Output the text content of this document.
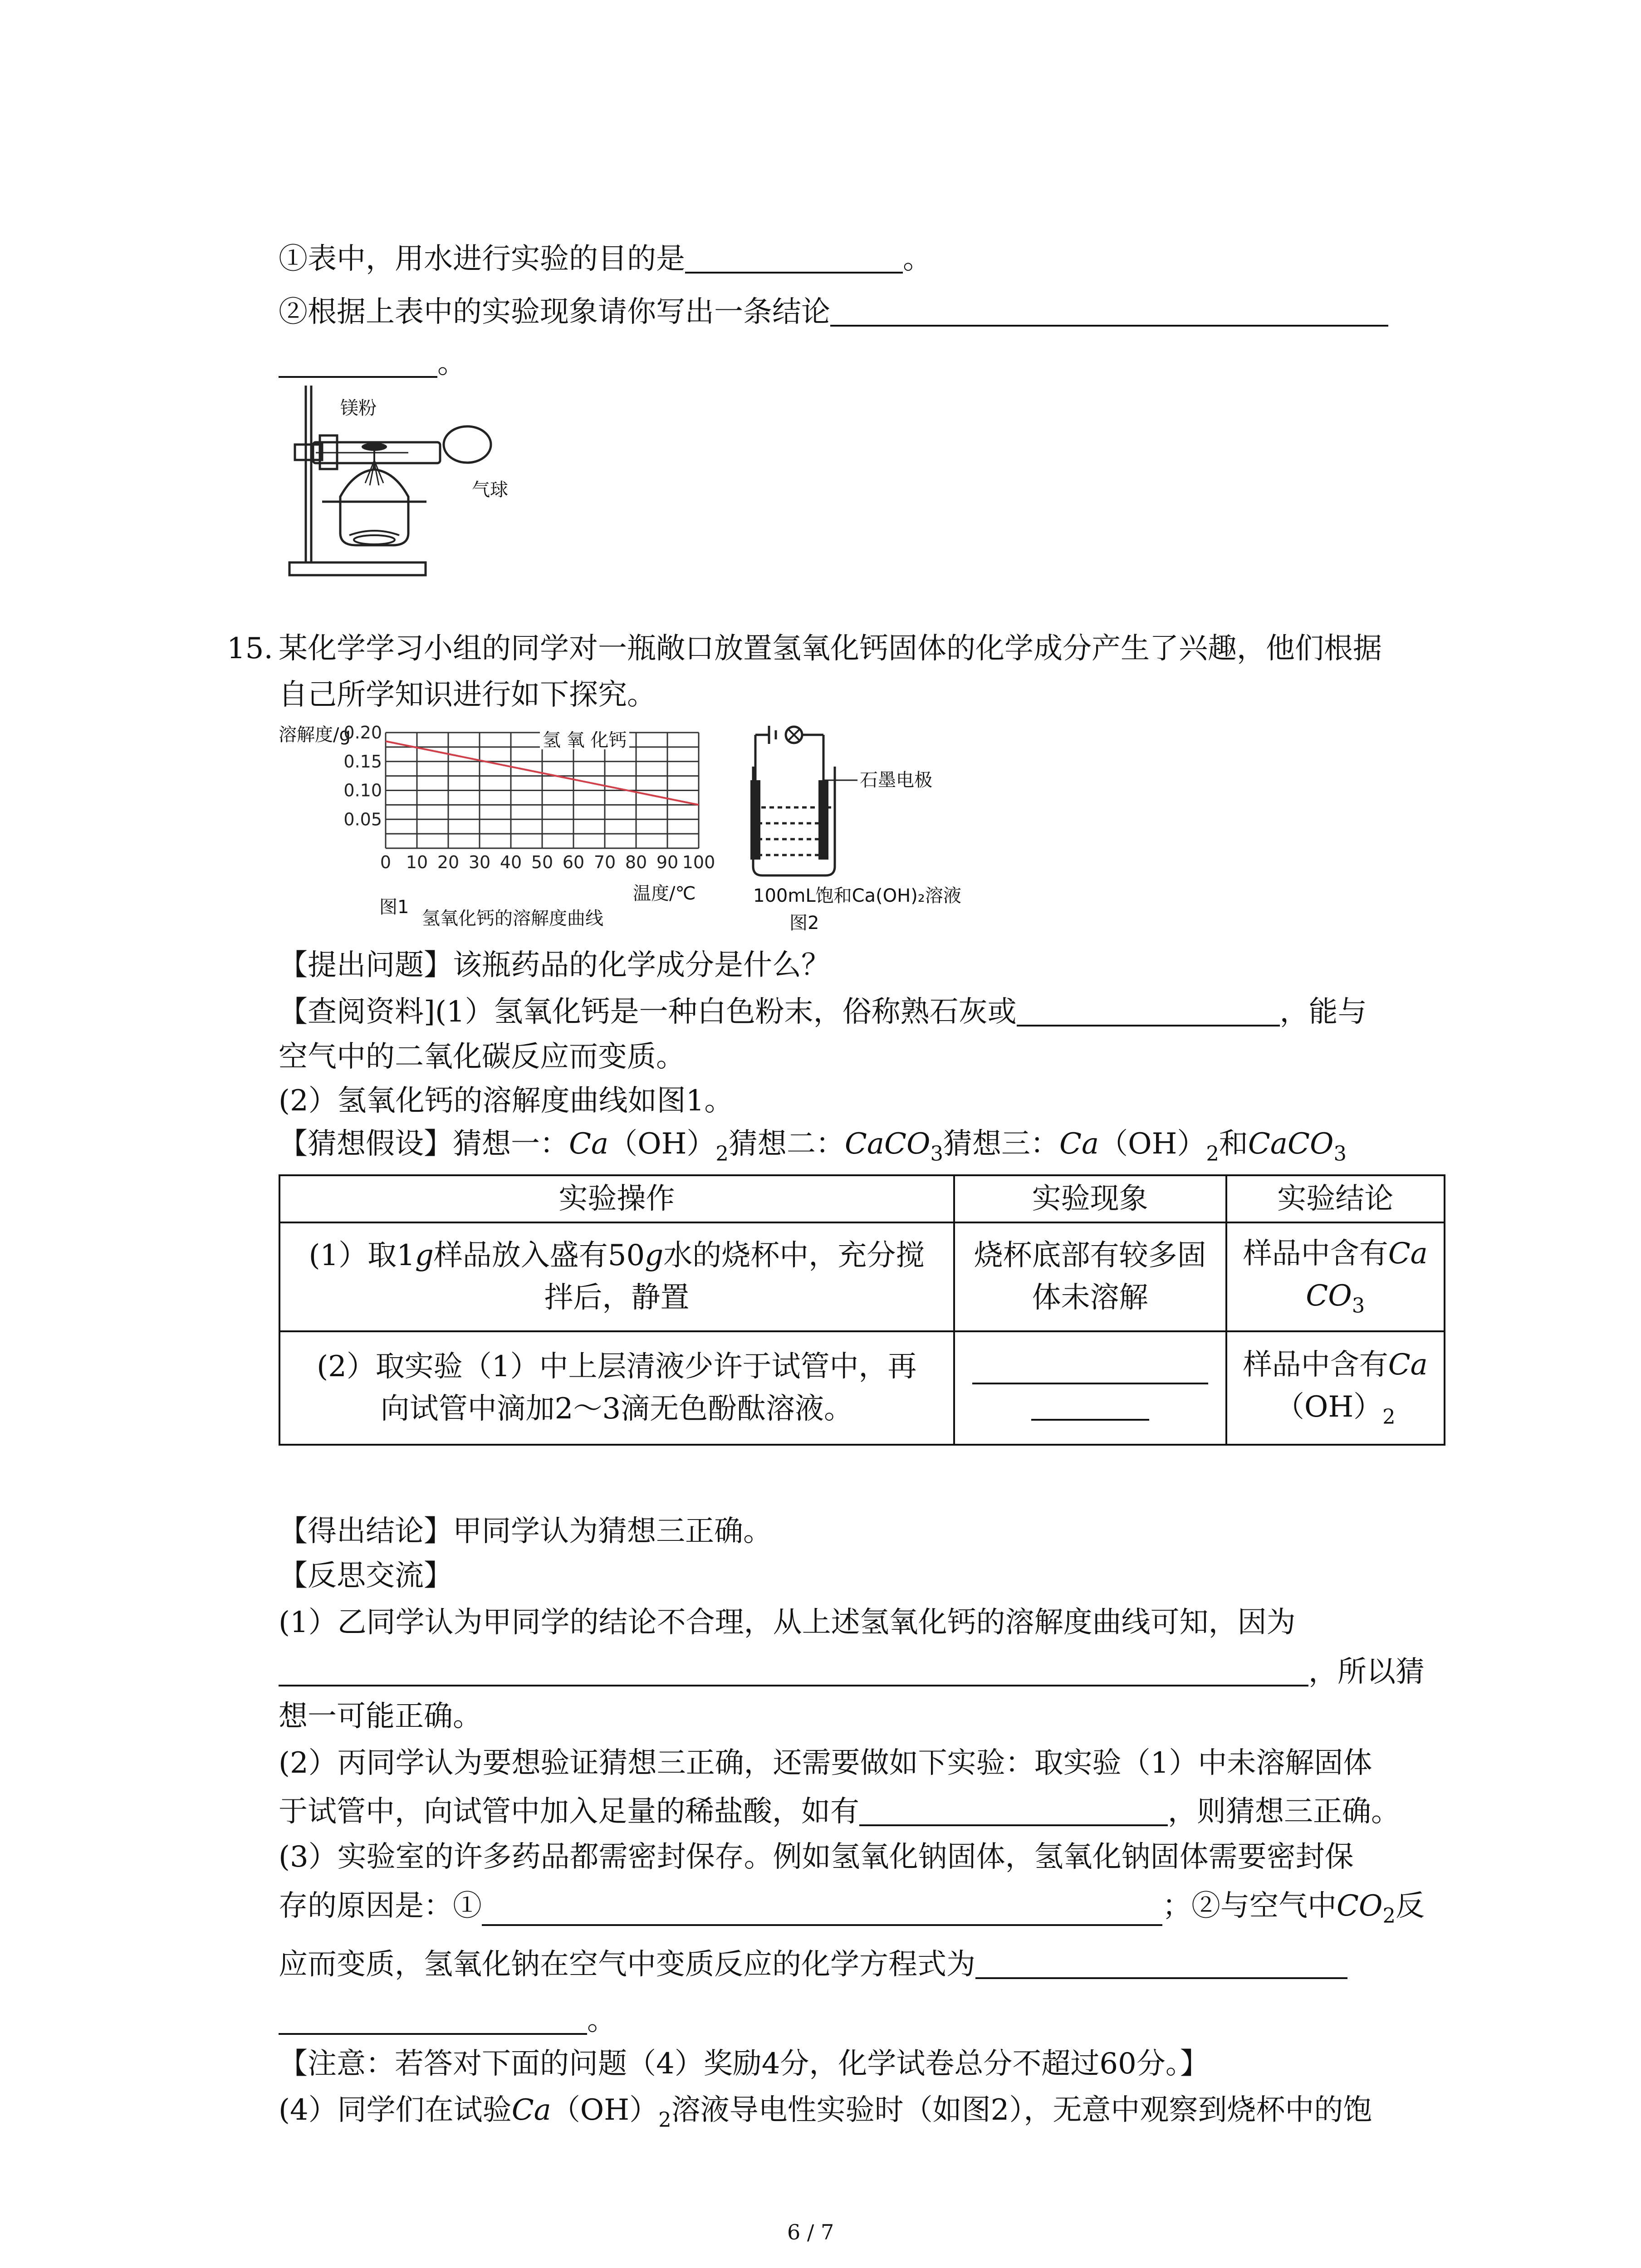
①表中，用水进行实验的目的是	。
②根据上表中的实验现象请你写出一条结论
。
镁粉
气球
15. 某化学学习小组的同学对一瓶敞口放置氢氧化钙固体的化学成分产生了兴趣，他们根据
自己所学知识进行如下探究。
溶解度/g
0.20
0.15
0.10
0.05
0 10 20 30 40 50 60 70 80 90 100
氢 氧 化钙
温度/℃
图1
氢氧化钙的溶解度曲线
石墨电极
100mL饱和Ca(OH)₂溶液
图2
【提出问题】该瓶药品的化学成分是什么？
【查阅资料](1）氢氧化钙是一种白色粉末，俗称熟石灰或	，能与
空气中的二氧化碳反应而变质。
(2）氢氧化钙的溶解度曲线如图1。
【猜想假设】猜想一：$Ca(OH)_2$猜想二：CaCO$_3$猜想三：$Ca(OH)_2$和CaCO$_3$
实验操作	实验现象	实验结论
(1）取1g样品放入盛有50g水的烧杯中，充分搅
拌后，静置	烧杯底部有较多固
体未溶解	样品中含有Ca
$CO_3$
(2）取实验（1）中上层清液少许于试管中，再
向试管中滴加2～3滴无色酚酞溶液。		样品中含有Ca
$(OH)_2$
【得出结论】甲同学认为猜想三正确。
【反思交流】
(1）乙同学认为甲同学的结论不合理，从上述氢氧化钙的溶解度曲线可知，因为
，所以猜
想一可能正确。
(2）丙同学认为要想验证猜想三正确，还需要做如下实验：取实验（1）中未溶解固体
于试管中，向试管中加入足量的稀盐酸，如有	，则猜想三正确。
(3）实验室的许多药品都需密封保存。例如氢氧化钠固体，氢氧化钠固体需要密封保
存的原因是：①	；②与空气中$CO_2$反
应而变质，氢氧化钠在空气中变质反应的化学方程式为
。
【注意：若答对下面的问题（4）奖励4分，化学试卷总分不超过60分。】
(4）同学们在试验$Ca(OH)_2$溶液导电性实验时（如图2），无意中观察到烧杯中的饱
6 / 7
